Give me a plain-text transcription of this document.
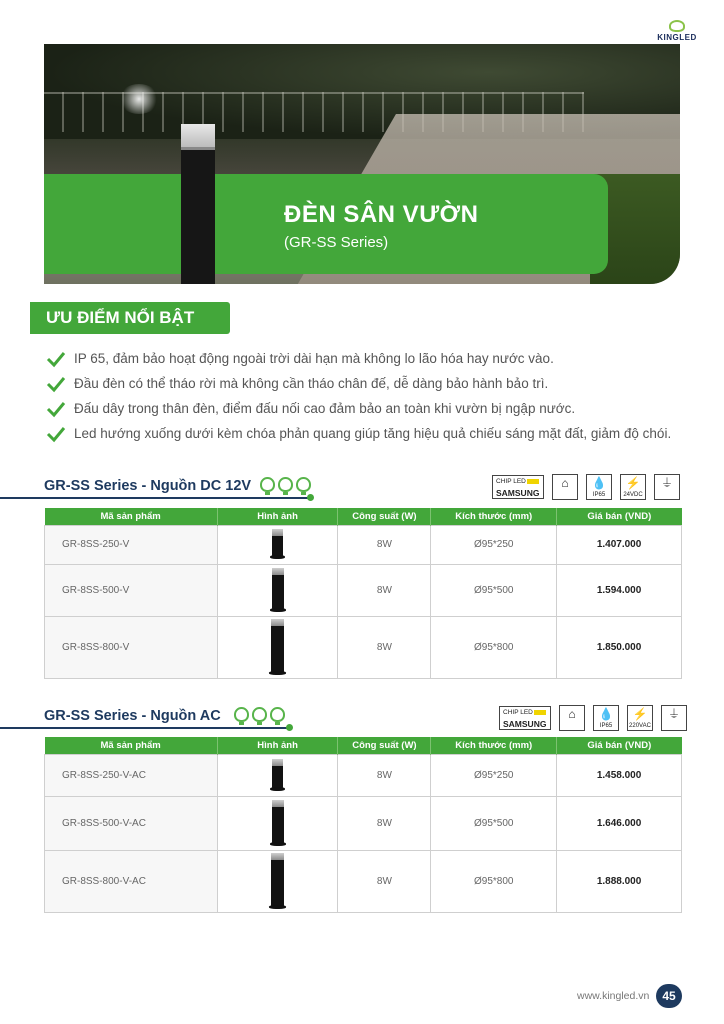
KINGLED
ĐÈN SÂN VƯỜN
(GR-SS Series)
ƯU ĐIỂM NỔI BẬT
IP 65, đảm bảo hoạt động ngoài trời dài hạn mà không lo lão hóa hay nước vào.
Đầu đèn có thể tháo rời mà không cần tháo chân đế, dễ dàng bảo hành bảo trì.
Đấu dây trong thân đèn, điểm đấu nối cao đảm bảo an toàn khi vườn bị ngập nước.
Led hướng xuống dưới kèm chóa phản quang giúp tăng hiệu quả chiếu sáng mặt đất, giảm độ chói.
GR-SS Series - Nguồn DC 12V	CHIP LED
SAMSUNG
⌂	💧
IP65
⚡
24VDC
⏚
Mã sản phẩm	Hình ảnh	Công suất (W)	Kích thước (mm)	Giá bán (VND)
GR-8SS-250-V		8W	Ø95*250	1.407.000
GR-8SS-500-V		8W	Ø95*500	1.594.000
GR-8SS-800-V		8W	Ø95*800	1.850.000
GR-SS Series - Nguồn AC	CHIP LED
SAMSUNG
⌂	💧
IP65
⚡
220VAC
⏚
Mã sản phẩm	Hình ảnh	Công suất (W)	Kích thước (mm)	Giá bán (VND)
GR-8SS-250-V-AC		8W	Ø95*250	1.458.000
GR-8SS-500-V-AC		8W	Ø95*500	1.646.000
GR-8SS-800-V-AC		8W	Ø95*800	1.888.000
www.kingled.vn	45
